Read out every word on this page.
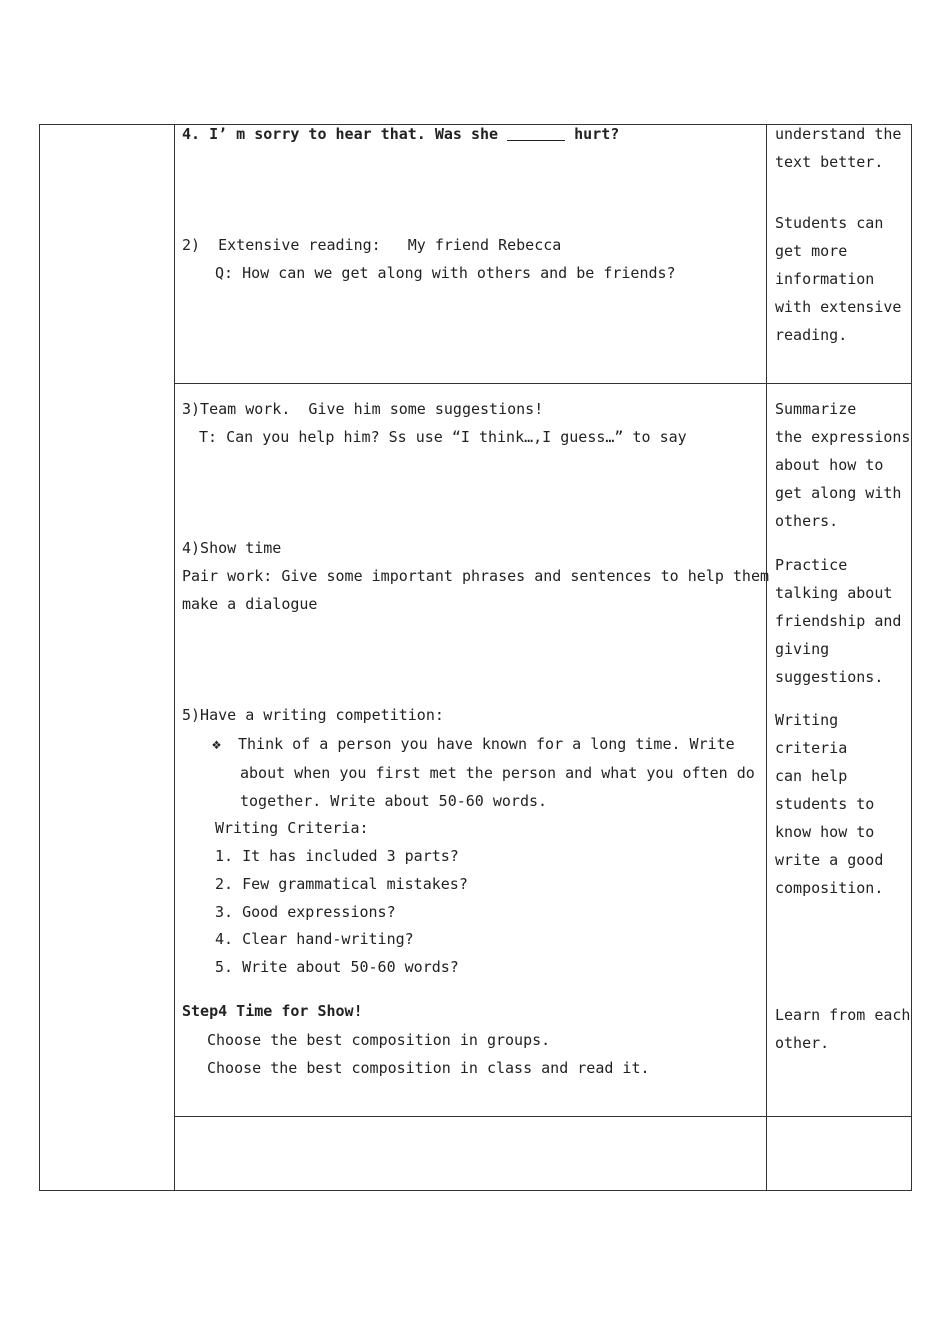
4. I’ m sorry to hear that. Was she	hurt?
2)  Extensive reading:   My friend Rebecca
Q: How can we get along with others and be friends?
understand the
text better.
Students can
get more
information
with extensive
reading.
3)Team work.  Give him some suggestions!
T: Can you help him? Ss use “I think…,I guess…” to say
4)Show time
Pair work: Give some important phrases and sentences to help them
make a dialogue
5)Have a writing competition:
❖ Think of a person you have known for a long time. Write
about when you first met the person and what you often do
together. Write about 50-60 words.
Writing Criteria:
1. It has included 3 parts?
2. Few grammatical mistakes?
3. Good expressions?
4. Clear hand-writing?
5. Write about 50-60 words?
Step4 Time for Show!
Choose the best composition in groups.
Choose the best composition in class and read it.
Summarize
the expressions
about how to
get along with
others.
Practice
talking about
friendship and
giving
suggestions.
Writing
criteria
can help
students to
know how to
write a good
composition.
Learn from each
other.
